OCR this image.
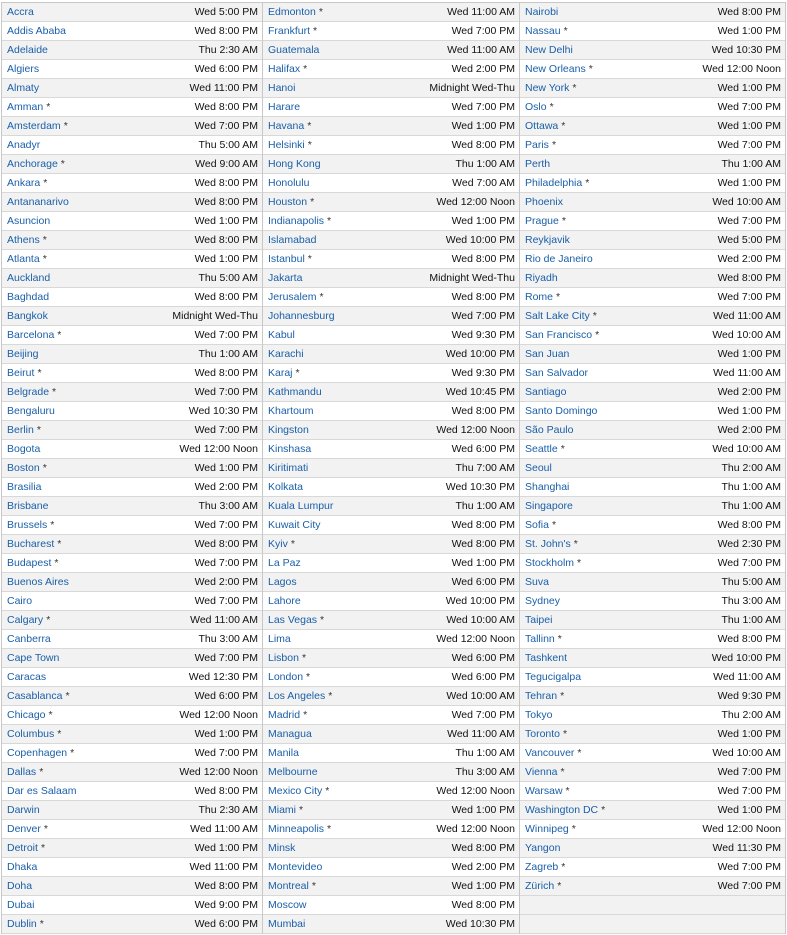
Accra	Wed 5:00 PM
Addis Ababa	Wed 8:00 PM
Adelaide	Thu 2:30 AM
Algiers	Wed 6:00 PM
Almaty	Wed 11:00 PM
Amman *	Wed 8:00 PM
Amsterdam *	Wed 7:00 PM
Anadyr	Thu 5:00 AM
Anchorage *	Wed 9:00 AM
Ankara *	Wed 8:00 PM
Antananarivo	Wed 8:00 PM
Asuncion	Wed 1:00 PM
Athens *	Wed 8:00 PM
Atlanta *	Wed 1:00 PM
Auckland	Thu 5:00 AM
Baghdad	Wed 8:00 PM
Bangkok	Midnight Wed-Thu
Barcelona *	Wed 7:00 PM
Beijing	Thu 1:00 AM
Beirut *	Wed 8:00 PM
Belgrade *	Wed 7:00 PM
Bengaluru	Wed 10:30 PM
Berlin *	Wed 7:00 PM
Bogota	Wed 12:00 Noon
Boston *	Wed 1:00 PM
Brasilia	Wed 2:00 PM
Brisbane	Thu 3:00 AM
Brussels *	Wed 7:00 PM
Bucharest *	Wed 8:00 PM
Budapest *	Wed 7:00 PM
Buenos Aires	Wed 2:00 PM
Cairo	Wed 7:00 PM
Calgary *	Wed 11:00 AM
Canberra	Thu 3:00 AM
Cape Town	Wed 7:00 PM
Caracas	Wed 12:30 PM
Casablanca *	Wed 6:00 PM
Chicago *	Wed 12:00 Noon
Columbus *	Wed 1:00 PM
Copenhagen *	Wed 7:00 PM
Dallas *	Wed 12:00 Noon
Dar es Salaam	Wed 8:00 PM
Darwin	Thu 2:30 AM
Denver *	Wed 11:00 AM
Detroit *	Wed 1:00 PM
Dhaka	Wed 11:00 PM
Doha	Wed 8:00 PM
Dubai	Wed 9:00 PM
Dublin *	Wed 6:00 PM
Edmonton *	Wed 11:00 AM
Frankfurt *	Wed 7:00 PM
Guatemala	Wed 11:00 AM
Halifax *	Wed 2:00 PM
Hanoi	Midnight Wed-Thu
Harare	Wed 7:00 PM
Havana *	Wed 1:00 PM
Helsinki *	Wed 8:00 PM
Hong Kong	Thu 1:00 AM
Honolulu	Wed 7:00 AM
Houston *	Wed 12:00 Noon
Indianapolis *	Wed 1:00 PM
Islamabad	Wed 10:00 PM
Istanbul *	Wed 8:00 PM
Jakarta	Midnight Wed-Thu
Jerusalem *	Wed 8:00 PM
Johannesburg	Wed 7:00 PM
Kabul	Wed 9:30 PM
Karachi	Wed 10:00 PM
Karaj *	Wed 9:30 PM
Kathmandu	Wed 10:45 PM
Khartoum	Wed 8:00 PM
Kingston	Wed 12:00 Noon
Kinshasa	Wed 6:00 PM
Kiritimati	Thu 7:00 AM
Kolkata	Wed 10:30 PM
Kuala Lumpur	Thu 1:00 AM
Kuwait City	Wed 8:00 PM
Kyiv *	Wed 8:00 PM
La Paz	Wed 1:00 PM
Lagos	Wed 6:00 PM
Lahore	Wed 10:00 PM
Las Vegas *	Wed 10:00 AM
Lima	Wed 12:00 Noon
Lisbon *	Wed 6:00 PM
London *	Wed 6:00 PM
Los Angeles *	Wed 10:00 AM
Madrid *	Wed 7:00 PM
Managua	Wed 11:00 AM
Manila	Thu 1:00 AM
Melbourne	Thu 3:00 AM
Mexico City *	Wed 12:00 Noon
Miami *	Wed 1:00 PM
Minneapolis *	Wed 12:00 Noon
Minsk	Wed 8:00 PM
Montevideo	Wed 2:00 PM
Montreal *	Wed 1:00 PM
Moscow	Wed 8:00 PM
Mumbai	Wed 10:30 PM
Nairobi	Wed 8:00 PM
Nassau *	Wed 1:00 PM
New Delhi	Wed 10:30 PM
New Orleans *	Wed 12:00 Noon
New York *	Wed 1:00 PM
Oslo *	Wed 7:00 PM
Ottawa *	Wed 1:00 PM
Paris *	Wed 7:00 PM
Perth	Thu 1:00 AM
Philadelphia *	Wed 1:00 PM
Phoenix	Wed 10:00 AM
Prague *	Wed 7:00 PM
Reykjavik	Wed 5:00 PM
Rio de Janeiro	Wed 2:00 PM
Riyadh	Wed 8:00 PM
Rome *	Wed 7:00 PM
Salt Lake City *	Wed 11:00 AM
San Francisco *	Wed 10:00 AM
San Juan	Wed 1:00 PM
San Salvador	Wed 11:00 AM
Santiago	Wed 2:00 PM
Santo Domingo	Wed 1:00 PM
São Paulo	Wed 2:00 PM
Seattle *	Wed 10:00 AM
Seoul	Thu 2:00 AM
Shanghai	Thu 1:00 AM
Singapore	Thu 1:00 AM
Sofia *	Wed 8:00 PM
St. John's *	Wed 2:30 PM
Stockholm *	Wed 7:00 PM
Suva	Thu 5:00 AM
Sydney	Thu 3:00 AM
Taipei	Thu 1:00 AM
Tallinn *	Wed 8:00 PM
Tashkent	Wed 10:00 PM
Tegucigalpa	Wed 11:00 AM
Tehran *	Wed 9:30 PM
Tokyo	Thu 2:00 AM
Toronto *	Wed 1:00 PM
Vancouver *	Wed 10:00 AM
Vienna *	Wed 7:00 PM
Warsaw *	Wed 7:00 PM
Washington DC *	Wed 1:00 PM
Winnipeg *	Wed 12:00 Noon
Yangon	Wed 11:30 PM
Zagreb *	Wed 7:00 PM
Zürich *	Wed 7:00 PM
